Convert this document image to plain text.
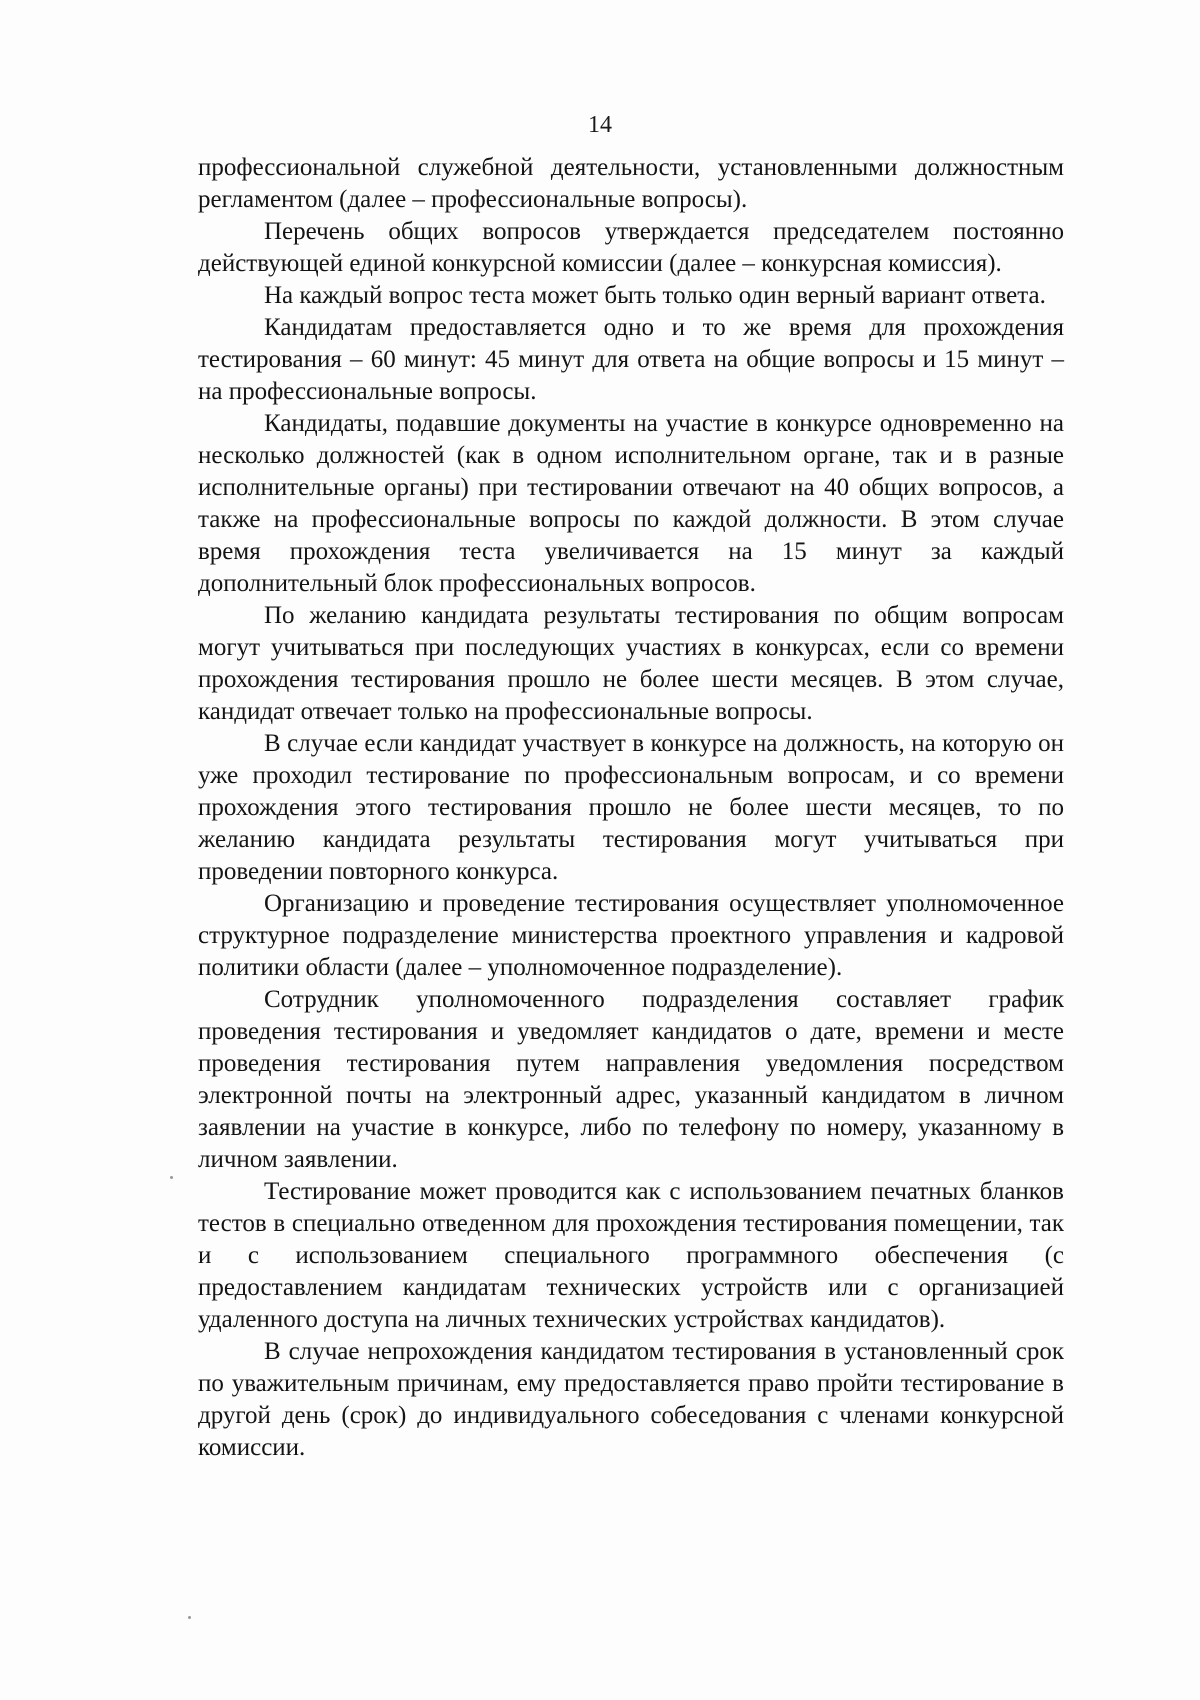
14

профессиональной служебной деятельности, установленными должностным регламентом (далее – профессиональные вопросы).

Перечень общих вопросов утверждается председателем постоянно действующей единой конкурсной комиссии (далее – конкурсная комиссия).

На каждый вопрос теста может быть только один верный вариант ответа.

Кандидатам предоставляется одно и то же время для прохождения тестирования – 60 минут: 45 минут для ответа на общие вопросы и 15 минут – на профессиональные вопросы.

Кандидаты, подавшие документы на участие в конкурсе одновременно на несколько должностей (как в одном исполнительном органе, так и в разные исполнительные органы) при тестировании отвечают на 40 общих вопросов, а также на профессиональные вопросы по каждой должности. В этом случае время прохождения теста увеличивается на 15 минут за каждый дополнительный блок профессиональных вопросов.

По желанию кандидата результаты тестирования по общим вопросам могут учитываться при последующих участиях в конкурсах, если со времени прохождения тестирования прошло не более шести месяцев. В этом случае, кандидат отвечает только на профессиональные вопросы.

В случае если кандидат участвует в конкурсе на должность, на которую он уже проходил тестирование по профессиональным вопросам, и со времени прохождения этого тестирования прошло не более шести месяцев, то по желанию кандидата результаты тестирования могут учитываться при проведении повторного конкурса.

Организацию и проведение тестирования осуществляет уполномоченное структурное подразделение министерства проектного управления и кадровой политики области (далее – уполномоченное подразделение).

Сотрудник уполномоченного подразделения составляет график проведения тестирования и уведомляет кандидатов о дате, времени и месте проведения тестирования путем направления уведомления посредством электронной почты на электронный адрес, указанный кандидатом в личном заявлении на участие в конкурсе, либо по телефону по номеру, указанному в личном заявлении.

Тестирование может проводится как с использованием печатных бланков тестов в специально отведенном для прохождения тестирования помещении, так и с использованием специального программного обеспечения (с предоставлением кандидатам технических устройств или с организацией удаленного доступа на личных технических устройствах кандидатов).

В случае непрохождения кандидатом тестирования в установленный срок по уважительным причинам, ему предоставляется право пройти тестирование в другой день (срок) до индивидуального собеседования с членами конкурсной комиссии.
